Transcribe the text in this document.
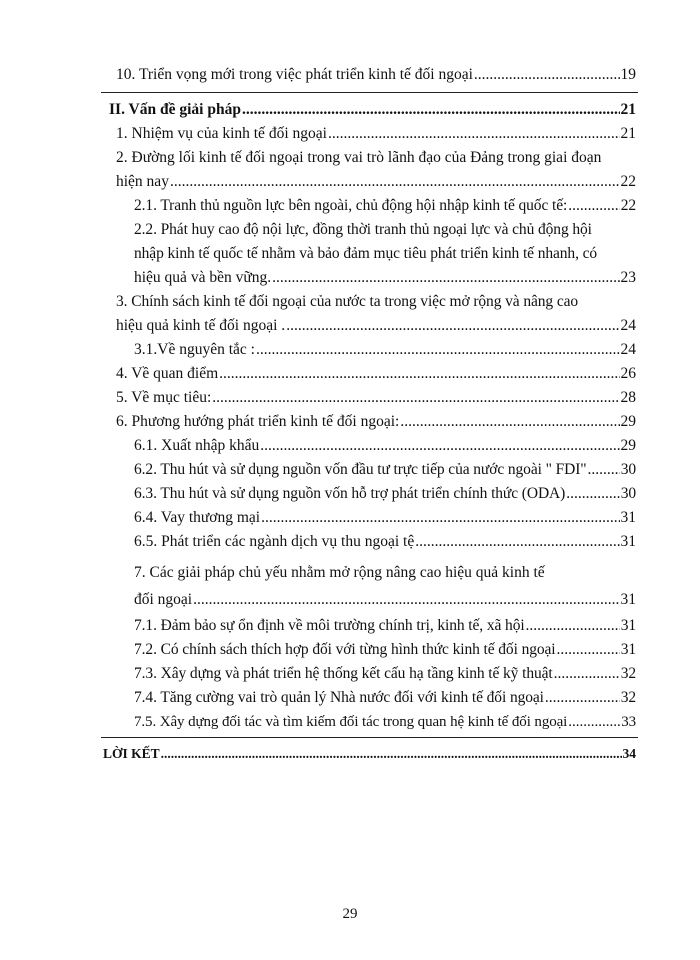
10. Triển vọng mới trong việc phát triển kinh tế đối ngoại .....	19
II. Vấn đề giải pháp .....	21
1. Nhiệm vụ của kinh tế đối ngoại .....	21
2. Đường lối kinh tế đối ngoại trong vai trò lãnh đạo của Đảng trong giai đoạn
hiện nay .....	22
2.1. Tranh thủ nguồn lực bên ngoài, chủ động hội nhập kinh tế quốc tế: .....	22
2.2. Phát huy cao độ nội lực, đồng thời tranh thủ ngoại lực và chủ động hội
nhập kinh tế quốc tế nhằm và bảo đảm mục tiêu phát triển kinh tế nhanh, có
hiệu quả và bền vững. .....	23
3. Chính sách kinh tế đối ngoại của nước ta trong việc mở rộng và nâng cao
hiệu quả kinh tế đối ngoại . .....	24
3.1.Về nguyên tắc : .....	24
4. Về quan điểm .....	26
5. Về mục tiêu: .....	28
6. Phương hướng phát triển kinh tế đối ngoại: .....	29
6.1. Xuất nhập khẩu .....	29
6.2. Thu hút và sử dụng nguồn vốn đầu tư trực tiếp của nước ngoài " FDI" ..... 30
6.3. Thu hút và sử dụng nguồn vốn hỗ trợ phát triển chính thức (ODA) .....	30
6.4. Vay thương mại .....	31
6.5. Phát triển các ngành dịch vụ thu ngoại tệ .....	31
7. Các giải pháp chủ yếu nhằm mở rộng nâng cao hiệu quả kinh tế
đối ngoại .....	31
7.1. Đảm bảo sự ổn định về môi trường chính trị, kinh tế, xã hội .....	31
7.2. Có chính sách thích hợp đối với từng hình thức kinh tế đối ngoại .....	31
7.3. Xây dựng và phát triển hệ thống kết cấu hạ tầng kinh tế kỹ thuật .....	32
7.4. Tăng cường vai trò quản lý Nhà nước đối với kinh tế đối ngoại .....	32
7.5. Xây dựng đối tác và tìm kiếm đối tác trong quan hệ kinh tế đối ngoại .....	33
LỜI KẾT .....	34
29
